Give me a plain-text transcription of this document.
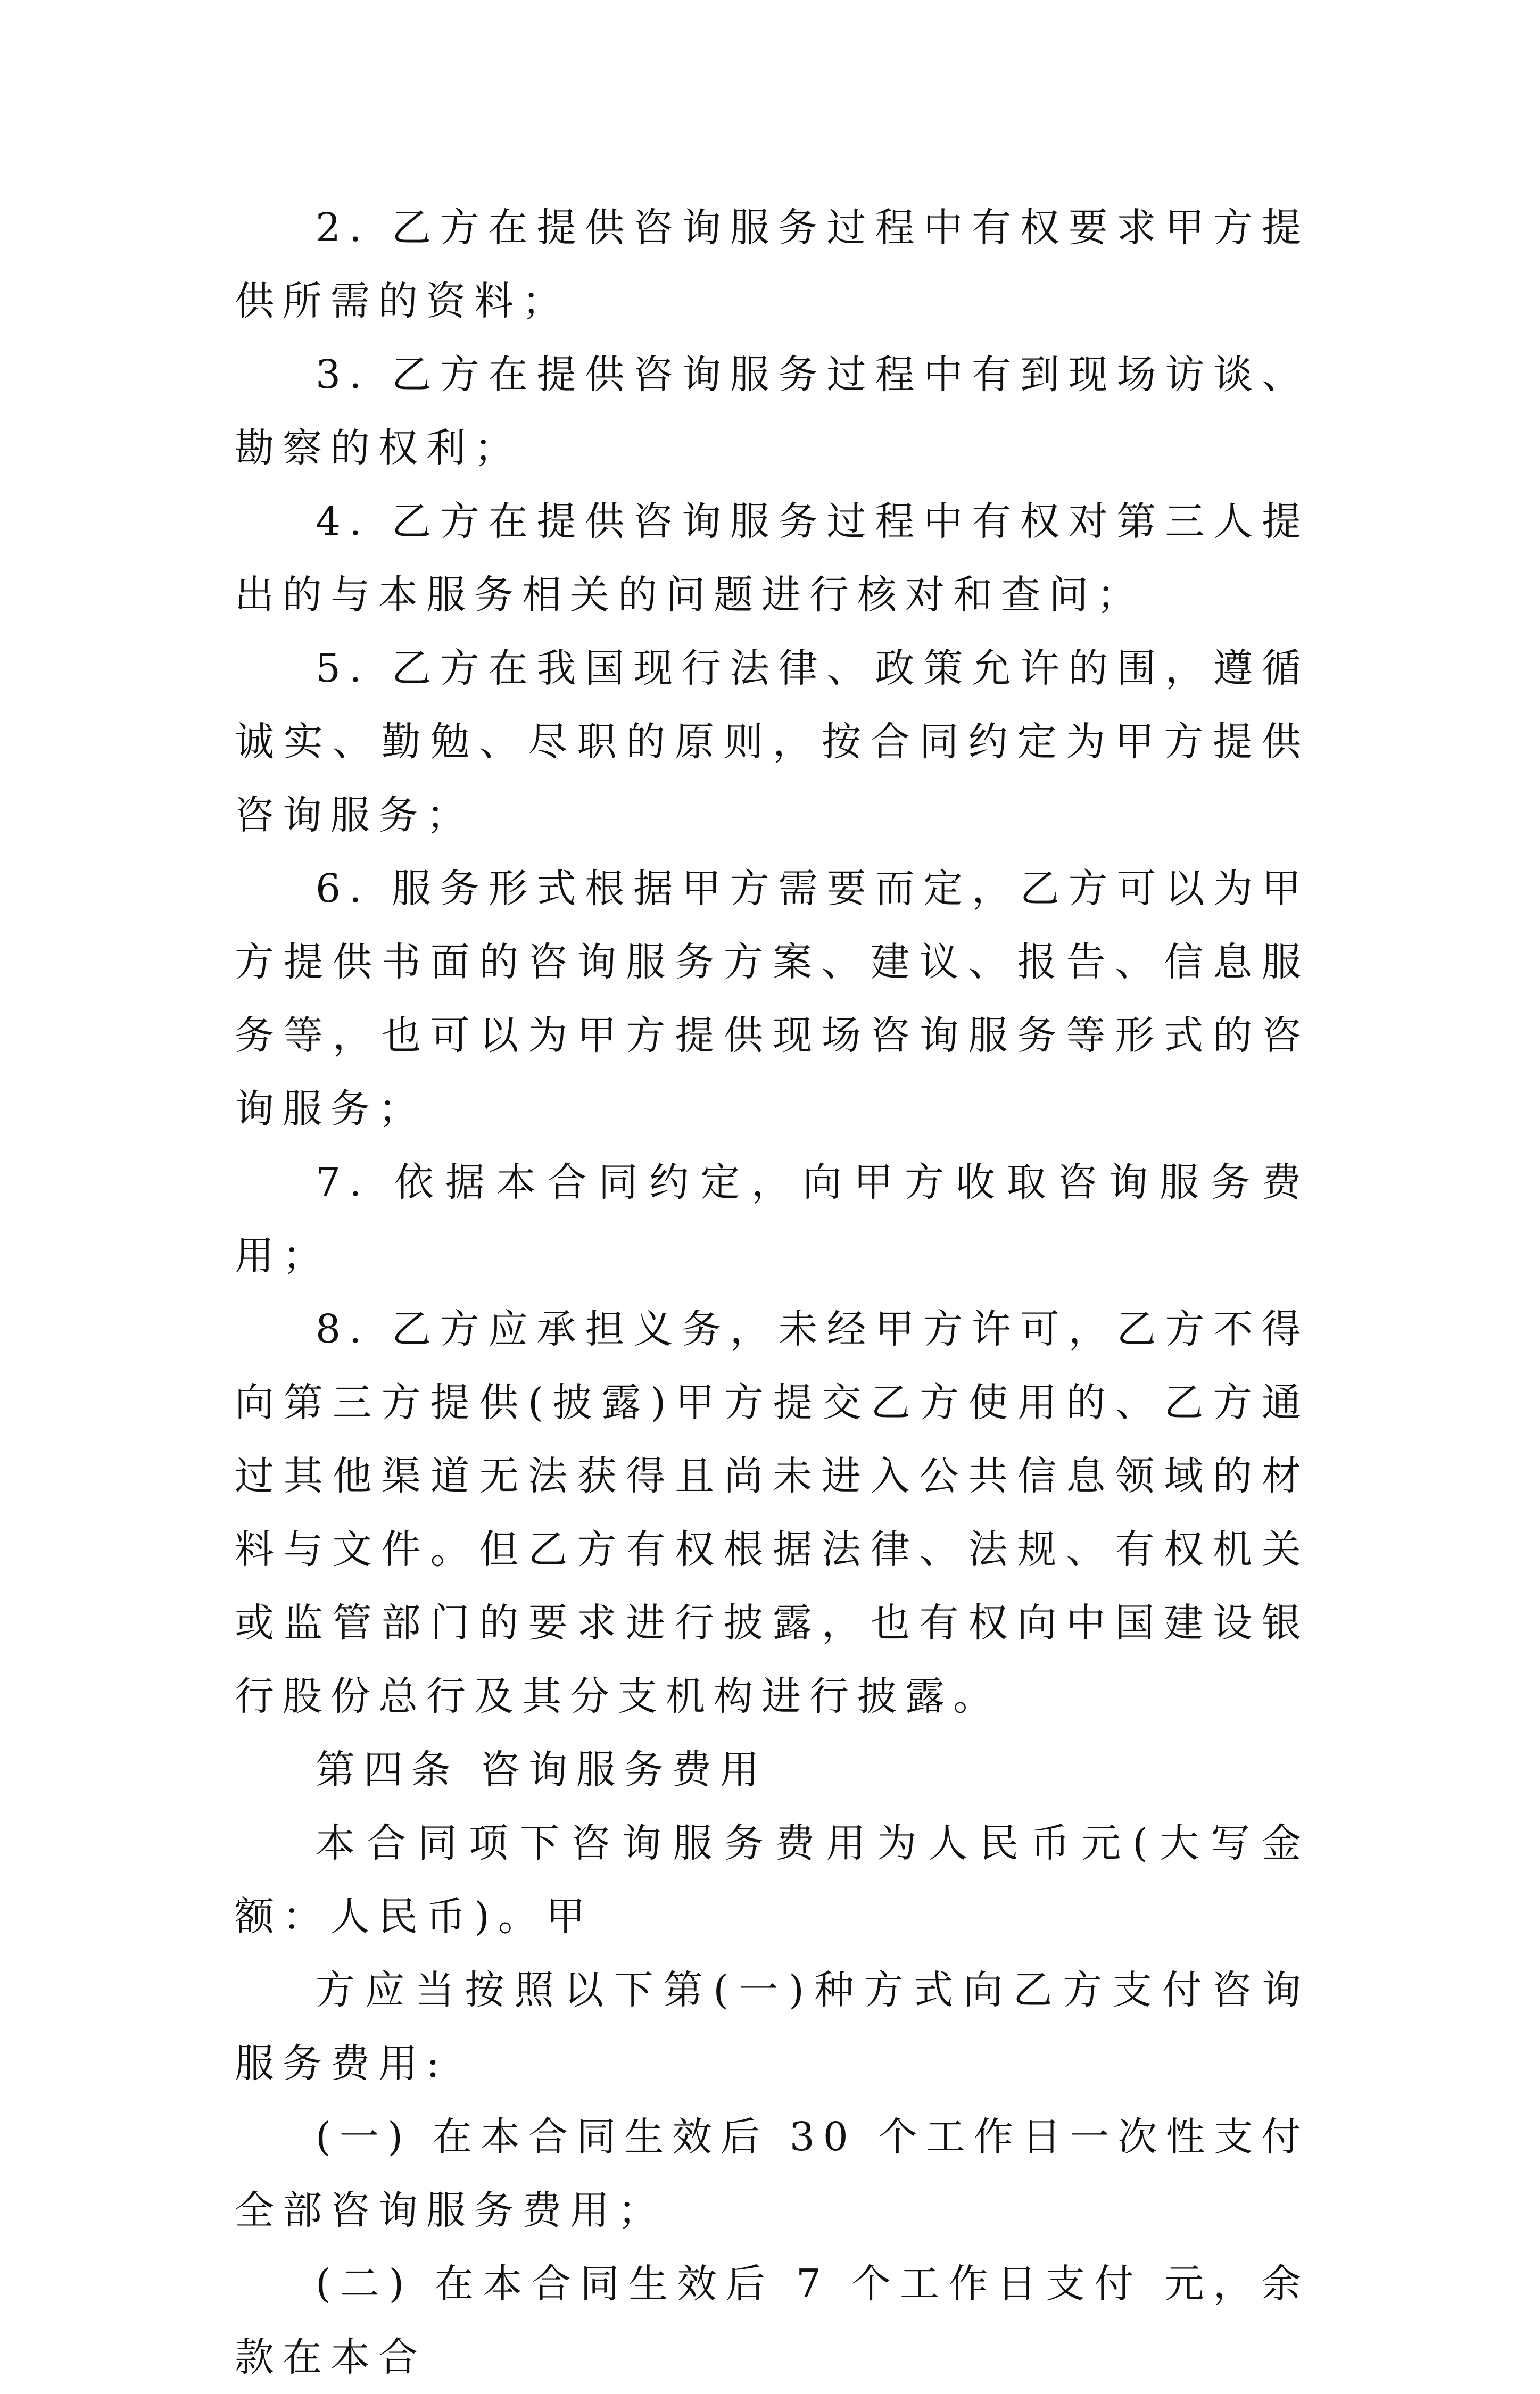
2. 乙方在提供咨询服务过程中有权要求甲方提供所需的资料；

3. 乙方在提供咨询服务过程中有到现场访谈、勘察的权利；

4. 乙方在提供咨询服务过程中有权对第三人提出的与本服务相关的问题进行核对和查问；

5. 乙方在我国现行法律、政策允许的围，遵循诚实、勤勉、尽职的原则，按合同约定为甲方提供咨询服务；

6. 服务形式根据甲方需要而定，乙方可以为甲方提供书面的咨询服务方案、建议、报告、信息服务等，也可以为甲方提供现场咨询服务等形式的咨询服务；

7. 依据本合同约定，向甲方收取咨询服务费用；

8. 乙方应承担义务，未经甲方许可，乙方不得向第三方提供(披露)甲方提交乙方使用的、乙方通过其他渠道无法获得且尚未进入公共信息领域的材料与文件。但乙方有权根据法律、法规、有权机关或监管部门的要求进行披露，也有权向中国建设银行股份总行及其分支机构进行披露。

第四条 咨询服务费用

本合同项下咨询服务费用为人民币元(大写金额：人民币)。甲

方应当按照以下第(一)种方式向乙方支付咨询服务费用:

(一) 在本合同生效后 30 个工作日一次性支付全部咨询服务费用；

(二) 在本合同生效后 7 个工作日支付 元，余款在本合
